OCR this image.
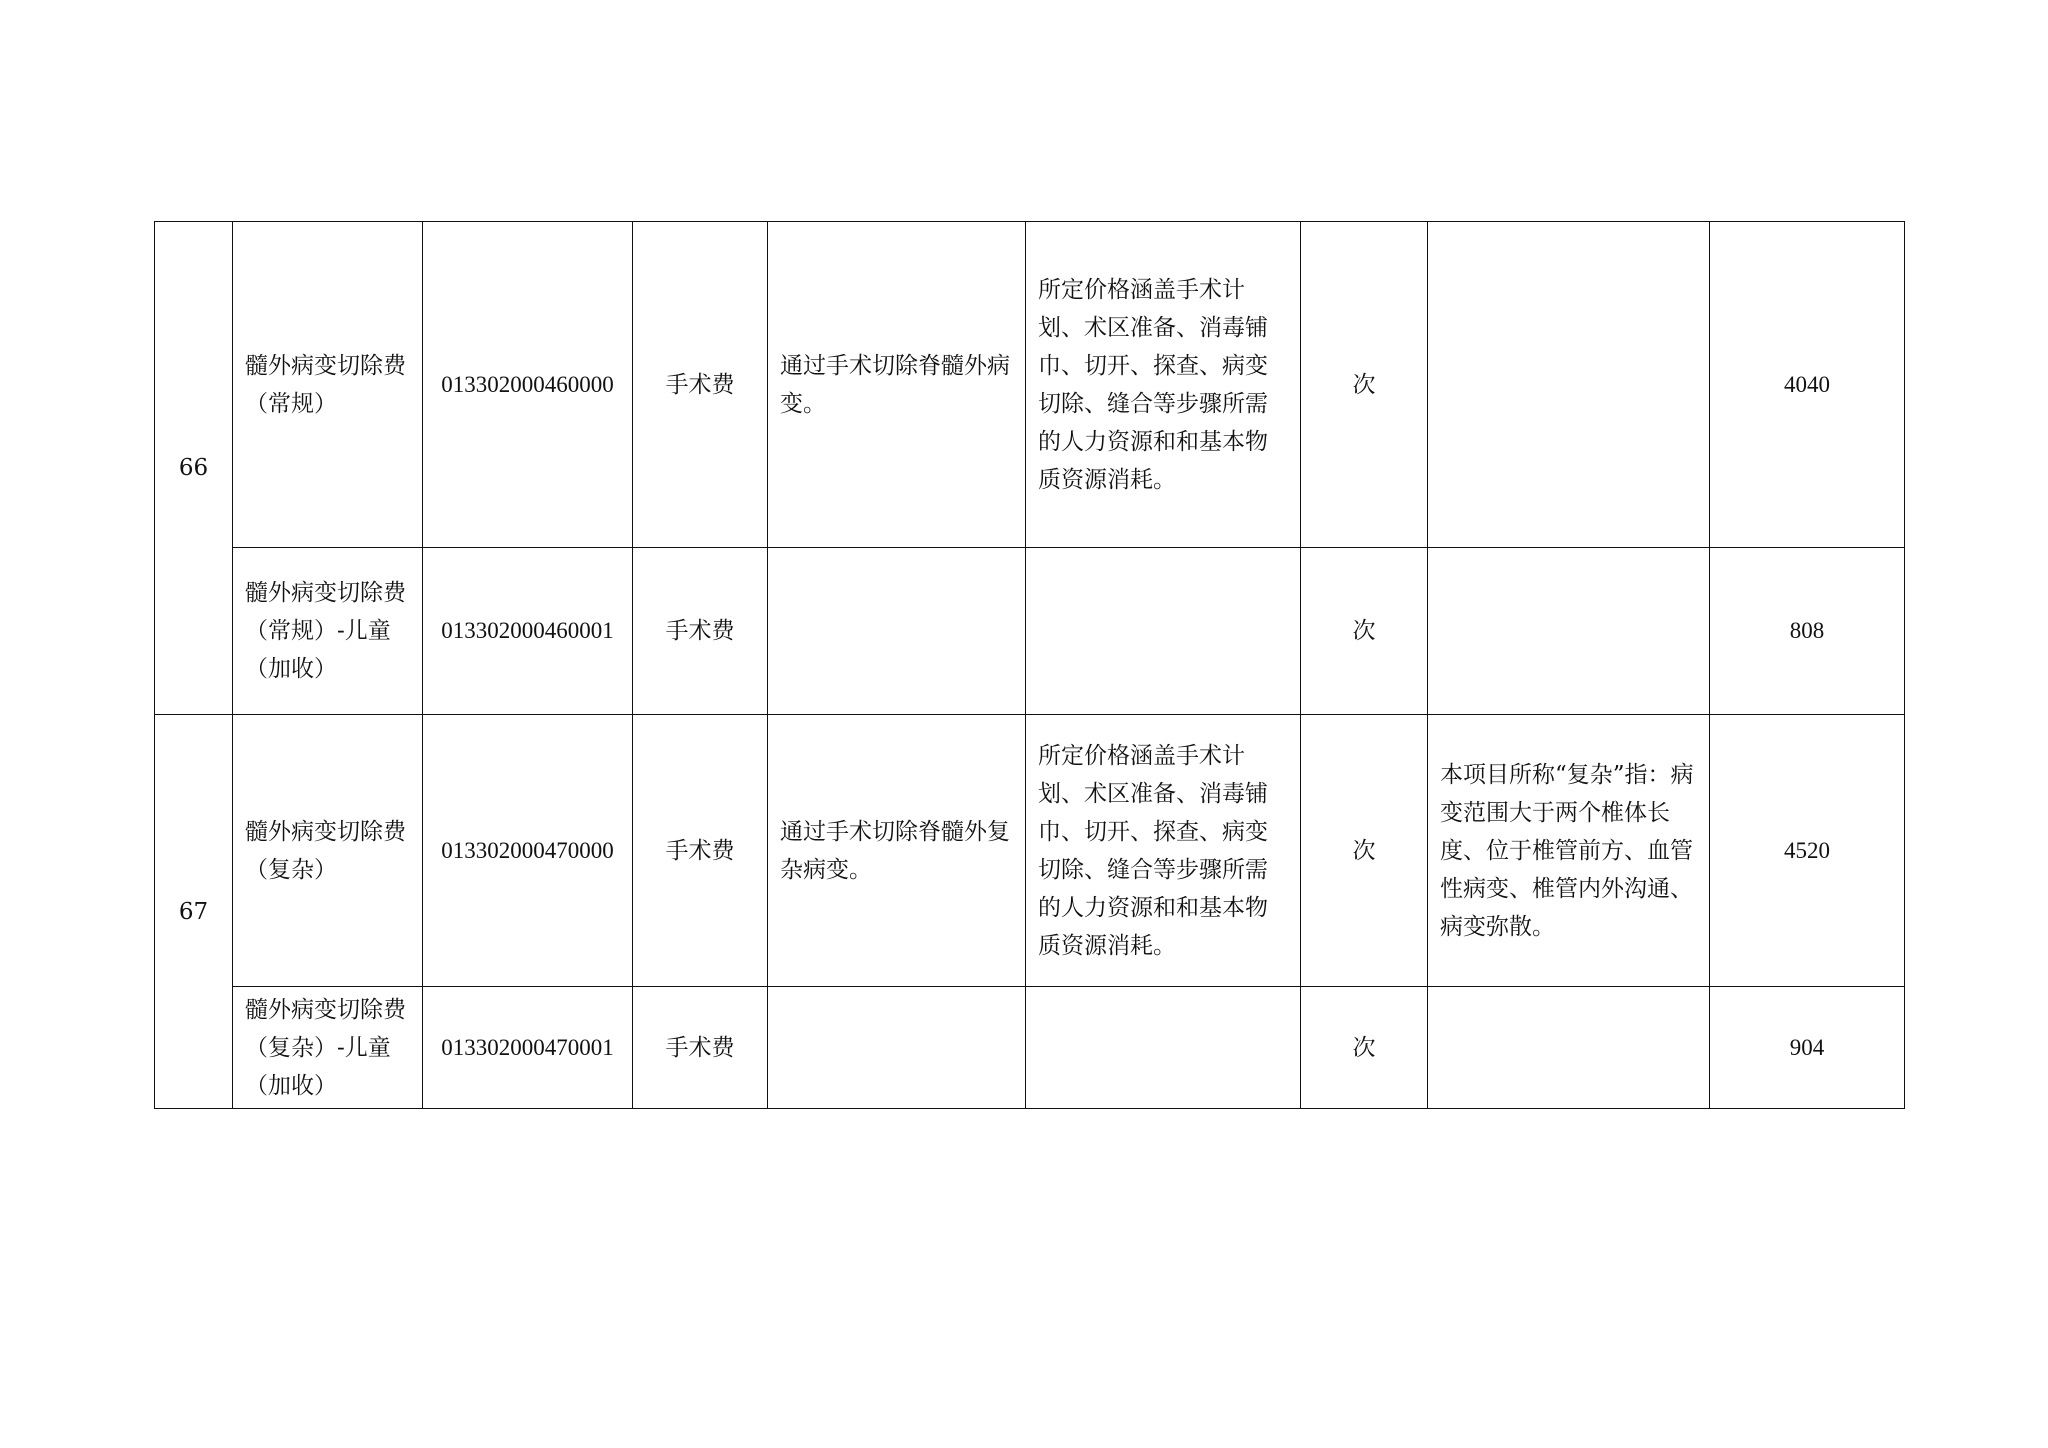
66	髓外病变切除费（常规）	013302000460000	手术费	通过手术切除脊髓外病变。	所定价格涵盖手术计划、术区准备、消毒铺巾、切开、探查、病变切除、缝合等步骤所需的人力资源和和基本物质资源消耗。	次		4040
	髓外病变切除费（常规）-儿童（加收）	013302000460001	手术费			次		808
67	髓外病变切除费（复杂）	013302000470000	手术费	通过手术切除脊髓外复杂病变。	所定价格涵盖手术计划、术区准备、消毒铺巾、切开、探查、病变切除、缝合等步骤所需的人力资源和和基本物质资源消耗。	次	本项目所称“复杂”指：病变范围大于两个椎体长度、位于椎管前方、血管性病变、椎管内外沟通、病变弥散。	4520
	髓外病变切除费（复杂）-儿童（加收）	013302000470001	手术费			次		904
